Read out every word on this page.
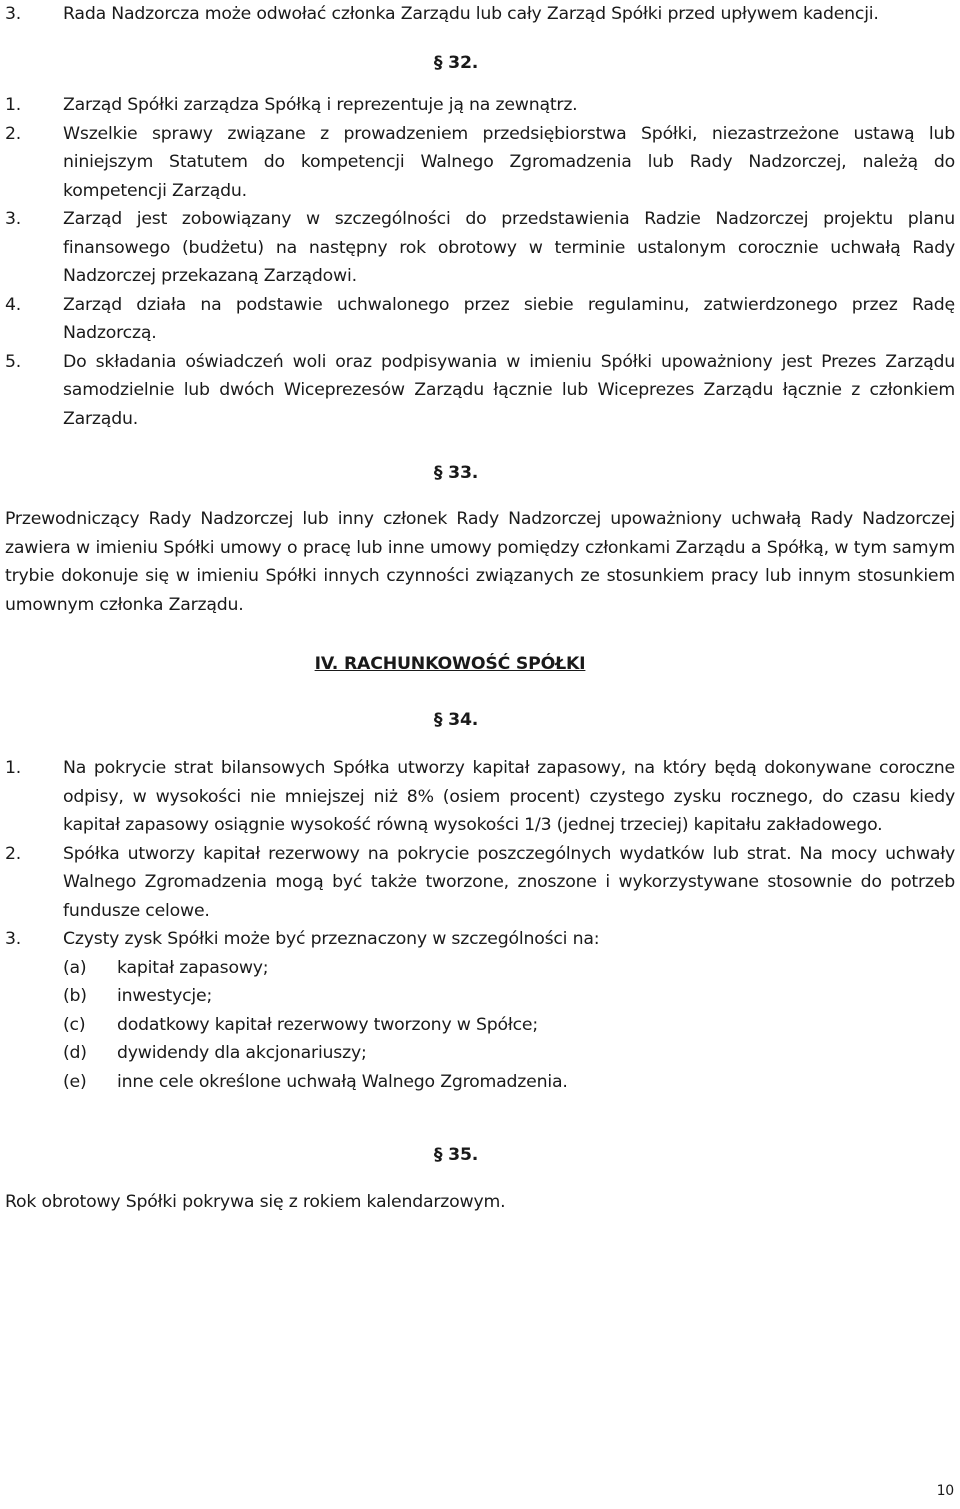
3. Rada Nadzorcza może odwołać członka Zarządu lub cały Zarząd Spółki przed upływem kadencji.
§ 32.
1. Zarząd Spółki zarządza Spółką i reprezentuje ją na zewnątrz.
2. Wszelkie sprawy związane z prowadzeniem przedsiębiorstwa Spółki, niezastrzeżone ustawą lub niniejszym Statutem do kompetencji Walnego Zgromadzenia lub Rady Nadzorczej, należą do kompetencji Zarządu.
3. Zarząd jest zobowiązany w szczególności do przedstawienia Radzie Nadzorczej projektu planu finansowego (budżetu) na następny rok obrotowy w terminie ustalonym corocznie uchwałą Rady Nadzorczej przekazaną Zarządowi.
4. Zarząd działa na podstawie uchwalonego przez siebie regulaminu, zatwierdzonego przez Radę Nadzorczą.
5. Do składania oświadczeń woli oraz podpisywania w imieniu Spółki upoważniony jest Prezes Zarządu samodzielnie lub dwóch Wiceprezesów Zarządu łącznie lub Wiceprezes Zarządu łącznie z członkiem Zarządu.
§ 33.
Przewodniczący Rady Nadzorczej lub inny członek Rady Nadzorczej upoważniony uchwałą Rady Nadzorczej zawiera w imieniu Spółki umowy o pracę lub inne umowy pomiędzy członkami Zarządu a Spółką, w tym samym trybie dokonuje się w imieniu Spółki innych czynności związanych ze stosunkiem pracy lub innym stosunkiem umownym członka Zarządu.
IV. RACHUNKOWOŚĆ SPÓŁKI
§ 34.
1. Na pokrycie strat bilansowych Spółka utworzy kapitał zapasowy, na który będą dokonywane coroczne odpisy, w wysokości nie mniejszej niż 8% (osiem procent) czystego zysku rocznego, do czasu kiedy kapitał zapasowy osiągnie wysokość równą wysokości 1/3 (jednej trzeciej) kapitału zakładowego.
2. Spółka utworzy kapitał rezerwowy na pokrycie poszczególnych wydatków lub strat. Na mocy uchwały Walnego Zgromadzenia mogą być także tworzone, znoszone i wykorzystywane stosownie do potrzeb fundusze celowe.
3. Czysty zysk Spółki może być przeznaczony w szczególności na:
(a) kapitał zapasowy;
(b) inwestycje;
(c) dodatkowy kapitał rezerwowy tworzony w Spółce;
(d) dywidendy dla akcjonariuszy;
(e) inne cele określone uchwałą Walnego Zgromadzenia.
§ 35.
Rok obrotowy Spółki pokrywa się z rokiem kalendarzowym.
10
